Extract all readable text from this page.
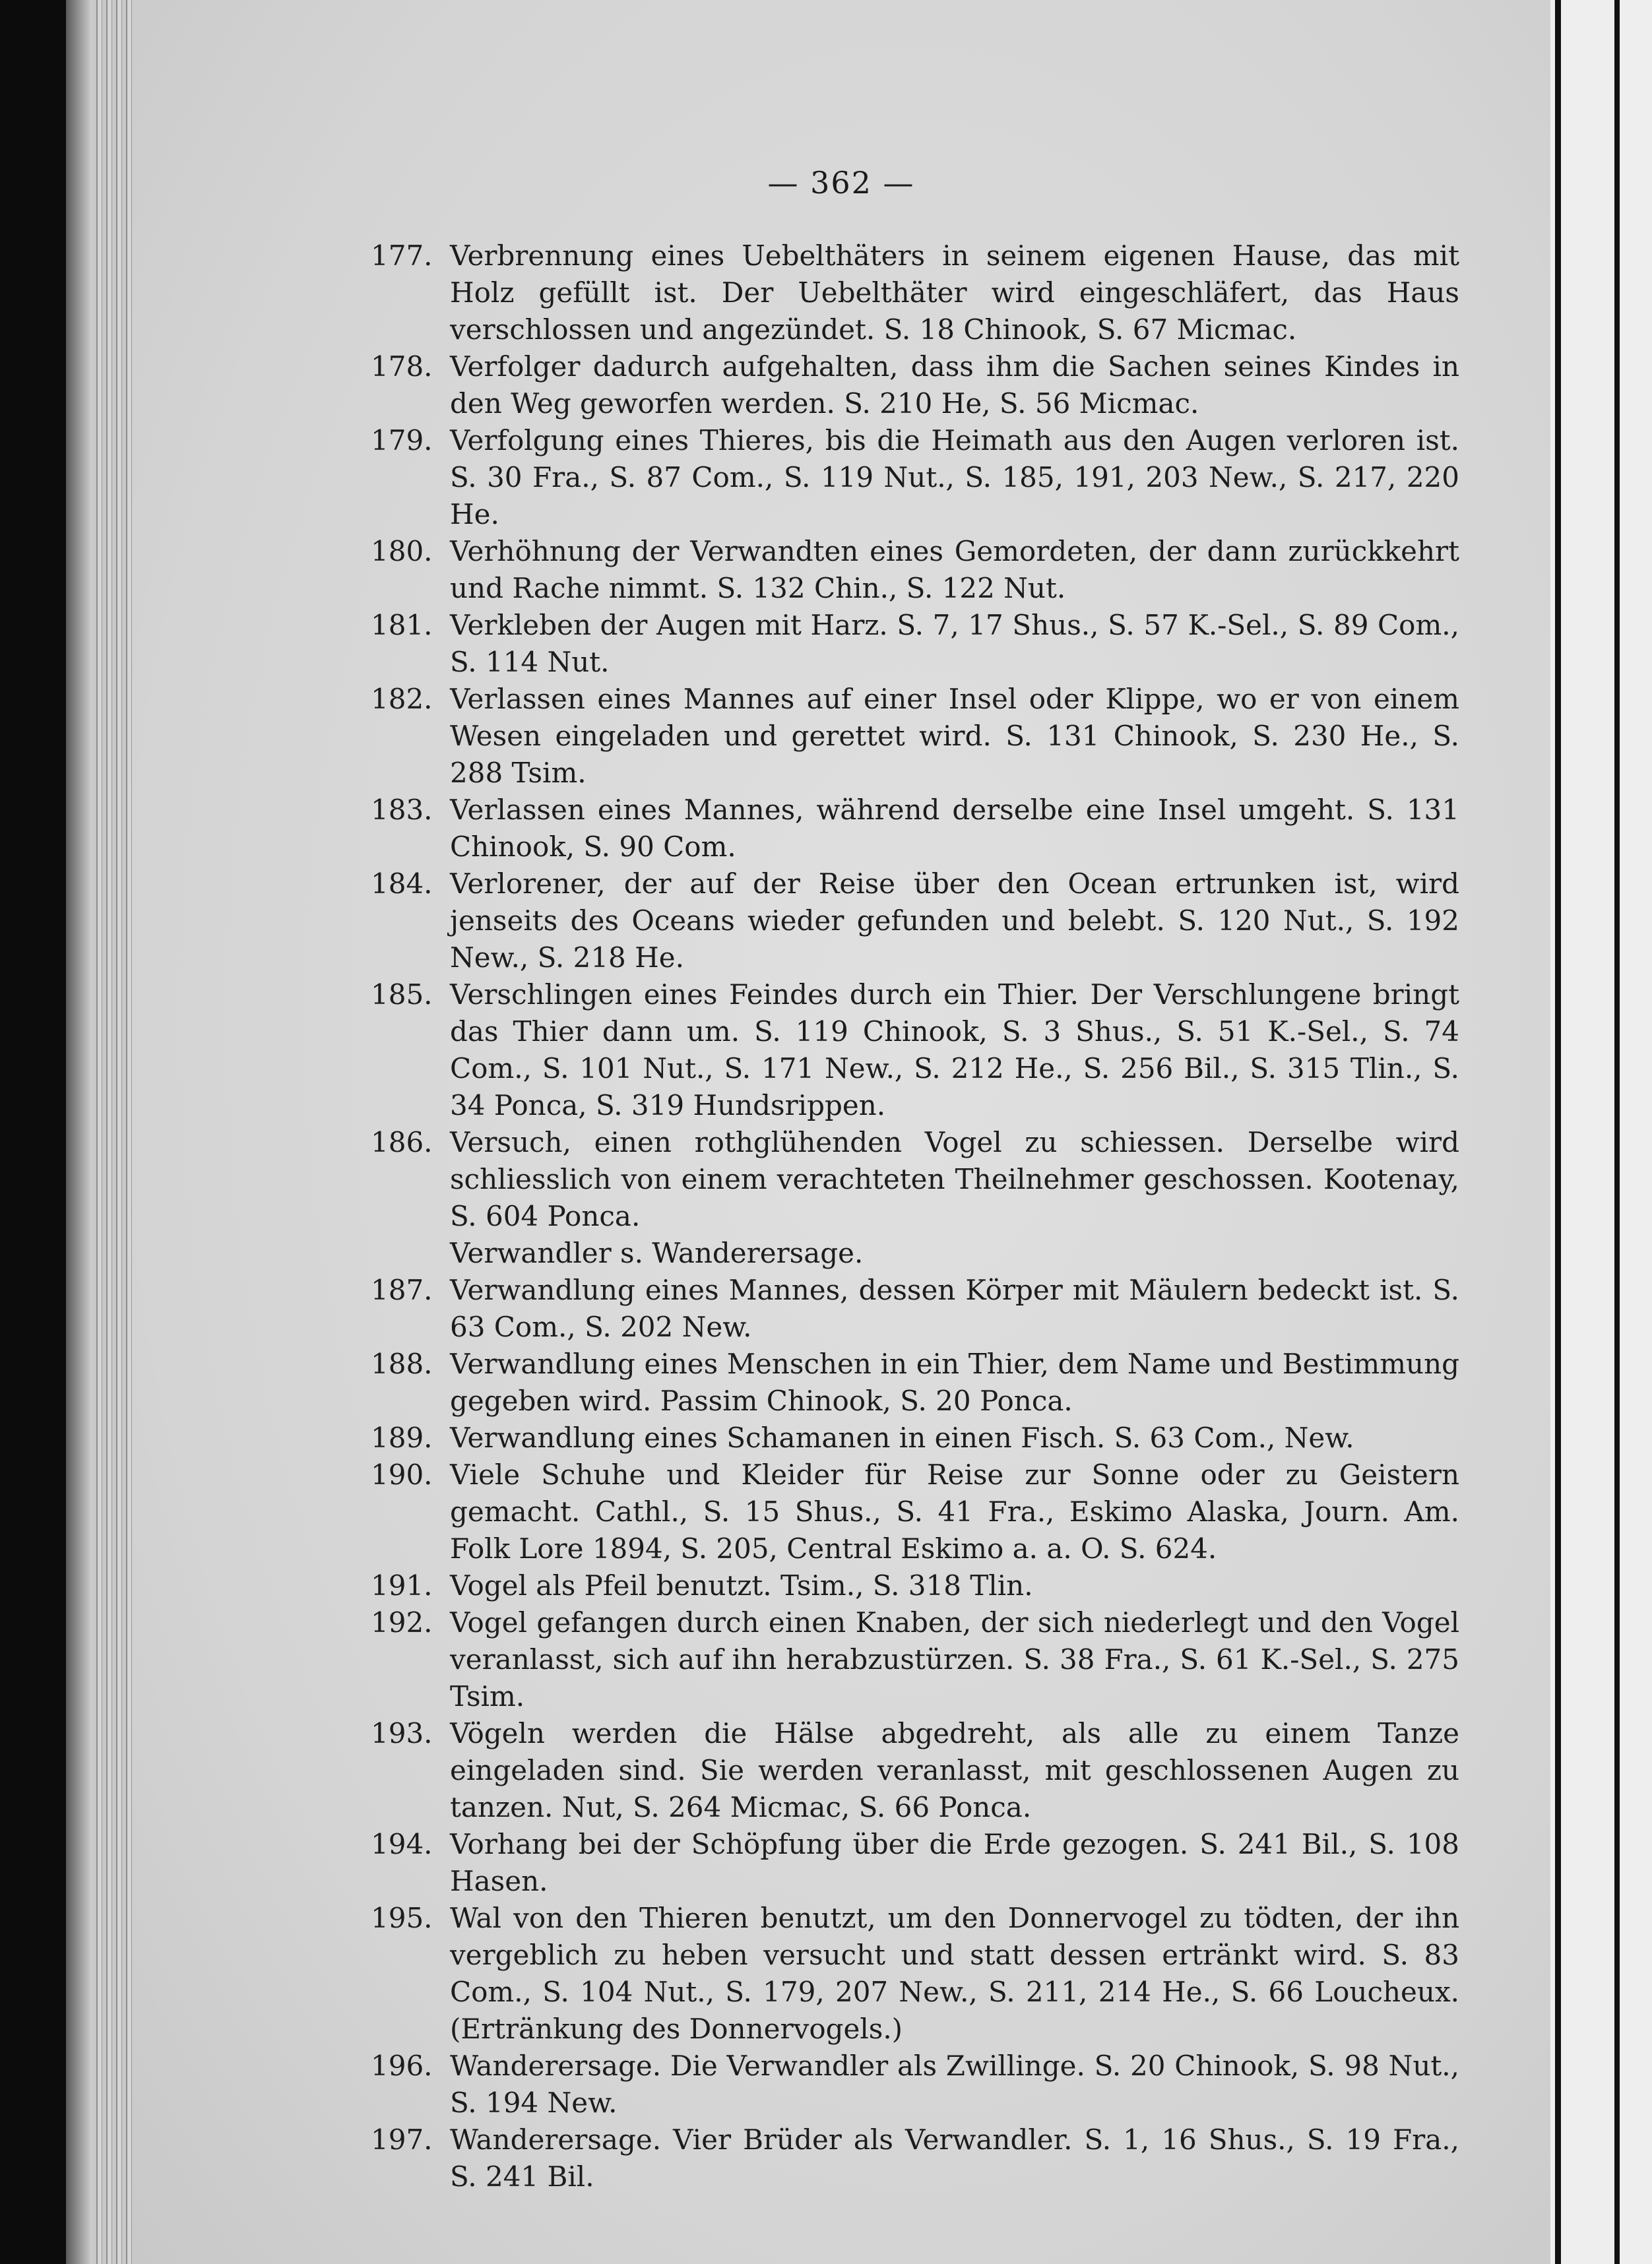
— 362 —
177. Verbrennung eines Uebelthäters in seinem eigenen Hause, das mit Holz gefüllt ist. Der Uebelthäter wird eingeschläfert, das Haus verschlossen und angezündet. S. 18 Chinook, S. 67 Micmac.
178. Verfolger dadurch aufgehalten, dass ihm die Sachen seines Kindes in den Weg geworfen werden. S. 210 He, S. 56 Micmac.
179. Verfolgung eines Thieres, bis die Heimath aus den Augen verloren ist. S. 30 Fra., S. 87 Com., S. 119 Nut., S. 185, 191, 203 New., S. 217, 220 He.
180. Verhöhnung der Verwandten eines Gemordeten, der dann zurückkehrt und Rache nimmt. S. 132 Chin., S. 122 Nut.
181. Verkleben der Augen mit Harz. S. 7, 17 Shus., S. 57 K.-Sel., S. 89 Com., S. 114 Nut.
182. Verlassen eines Mannes auf einer Insel oder Klippe, wo er von einem Wesen eingeladen und gerettet wird. S. 131 Chinook, S. 230 He., S. 288 Tsim.
183. Verlassen eines Mannes, während derselbe eine Insel umgeht. S. 131 Chinook, S. 90 Com.
184. Verlorener, der auf der Reise über den Ocean ertrunken ist, wird jenseits des Oceans wieder gefunden und belebt. S. 120 Nut., S. 192 New., S. 218 He.
185. Verschlingen eines Feindes durch ein Thier. Der Verschlungene bringt das Thier dann um. S. 119 Chinook, S. 3 Shus., S. 51 K.-Sel., S. 74 Com., S. 101 Nut., S. 171 New., S. 212 He., S. 256 Bil., S. 315 Tlin., S. 34 Ponca, S. 319 Hundsrippen.
186. Versuch, einen rothglühenden Vogel zu schiessen. Derselbe wird schliesslich von einem verachteten Theilnehmer geschossen. Kootenay, S. 604 Ponca.
Verwandler s. Wanderersage.
187. Verwandlung eines Mannes, dessen Körper mit Mäulern bedeckt ist. S. 63 Com., S. 202 New.
188. Verwandlung eines Menschen in ein Thier, dem Name und Bestimmung gegeben wird. Passim Chinook, S. 20 Ponca.
189. Verwandlung eines Schamanen in einen Fisch. S. 63 Com., New.
190. Viele Schuhe und Kleider für Reise zur Sonne oder zu Geistern gemacht. Cathl., S. 15 Shus., S. 41 Fra., Eskimo Alaska, Journ. Am. Folk Lore 1894, S. 205, Central Eskimo a. a. O. S. 624.
191. Vogel als Pfeil benutzt. Tsim., S. 318 Tlin.
192. Vogel gefangen durch einen Knaben, der sich niederlegt und den Vogel veranlasst, sich auf ihn herabzustürzen. S. 38 Fra., S. 61 K.-Sel., S. 275 Tsim.
193. Vögeln werden die Hälse abgedreht, als alle zu einem Tanze eingeladen sind. Sie werden veranlasst, mit geschlossenen Augen zu tanzen. Nut, S. 264 Micmac, S. 66 Ponca.
194. Vorhang bei der Schöpfung über die Erde gezogen. S. 241 Bil., S. 108 Hasen.
195. Wal von den Thieren benutzt, um den Donnervogel zu tödten, der ihn vergeblich zu heben versucht und statt dessen ertränkt wird. S. 83 Com., S. 104 Nut., S. 179, 207 New., S. 211, 214 He., S. 66 Loucheux. (Ertränkung des Donnervogels.)
196. Wanderersage. Die Verwandler als Zwillinge. S. 20 Chinook, S. 98 Nut., S. 194 New.
197. Wanderersage. Vier Brüder als Verwandler. S. 1, 16 Shus., S. 19 Fra., S. 241 Bil.
